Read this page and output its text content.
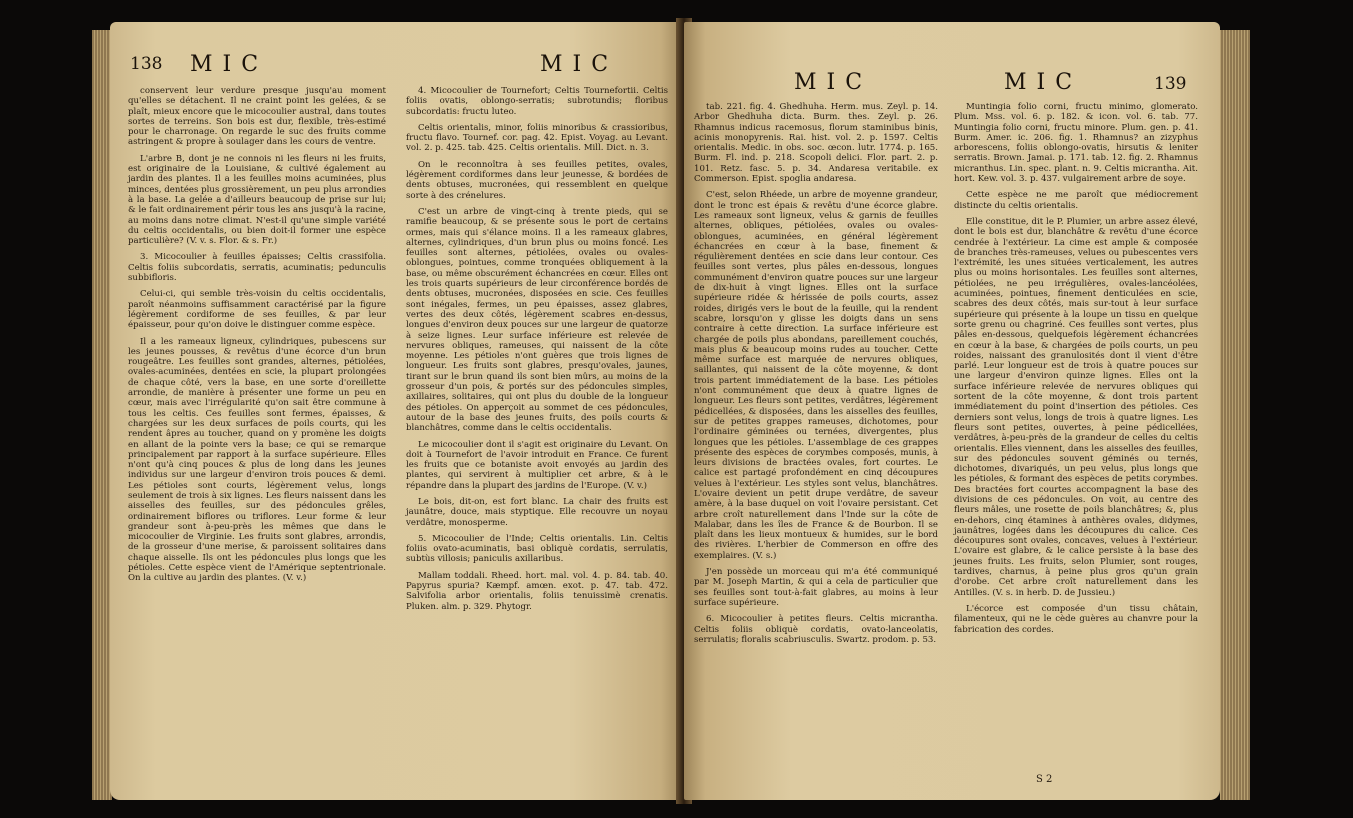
138 MIC	MIC

conservent leur verdure presque jusqu'au moment qu'elles se détachent. Il ne craint point les gelées, & se plaît, mieux encore que le micocoulier austral, dans toutes sortes de terreins. Son bois est dur, flexible, très-estimé pour le charronage. On regarde le suc des fruits comme astringent & propre à soulager dans les cours de ventre.

L'arbre B, dont je ne connois ni les fleurs ni les fruits, est originaire de la Louisiane, & cultivé également au jardin des plantes. Il a les feuilles moins acuminées, plus minces, dentées plus grossièrement, un peu plus arrondies à la base. La gelée a d'ailleurs beaucoup de prise sur lui; & le fait ordinairement périr tous les ans jusqu'à la racine, au moins dans notre climat. N'est-il qu'une simple variété du celtis occidentalis, ou bien doit-il former une espèce particulière? (V. v. s. Flor. & s. Fr.)

3. Micocoulier à feuilles épaisses; Celtis crassifolia. Celtis foliis subcordatis, serratis, acuminatis; pedunculis subbifloris.

Celui-ci, qui semble très-voisin du celtis occidentalis, paroît néanmoins suffisamment caractérisé par la figure légèrement cordiforme de ses feuilles, & par leur épaisseur, pour qu'on doive le distinguer comme espèce.

Il a les rameaux ligneux, cylindriques, pubescens sur les jeunes pousses, & revêtus d'une écorce d'un brun rougeâtre. Les feuilles sont grandes, alternes, pétiolées, ovales-acuminées, dentées en scie, la plupart prolongées de chaque côté, vers la base, en une sorte d'oreillette arrondie, de manière à présenter une forme un peu en cœur, mais avec l'irrégularité qu'on sait être commune à tous les celtis. Ces feuilles sont fermes, épaisses, & chargées sur les deux surfaces de poils courts, qui les rendent âpres au toucher, quand on y promène les doigts en allant de la pointe vers la base; ce qui se remarque principalement par rapport à la surface supérieure. Elles n'ont qu'à cinq pouces & plus de long dans les jeunes individus sur une largeur d'environ trois pouces & demi. Les pétioles sont courts, légèrement velus, longs seulement de trois à six lignes. Les fleurs naissent dans les aisselles des feuilles, sur des pédoncules grêles, ordinairement biflores ou triflores. Leur forme & leur grandeur sont à-peu-près les mêmes que dans le micocoulier de Virginie. Les fruits sont glabres, arrondis, de la grosseur d'une merise, & paroissent solitaires dans chaque aisselle. Ils ont les pédoncules plus longs que les pétioles. Cette espèce vient de l'Amérique septentrionale. On la cultive au jardin des plantes. (V. v.)

4. Micocoulier de Tournefort; Celtis Tournefortii. Celtis foliis ovatis, oblongo-serratis; subrotundis; floribus subcordatis: fructu luteo.

Celtis orientalis, minor, foliis minoribus & crassioribus, fructu flavo. Tournef. cor. pag. 42. Epist. Voyag. au Levant. vol. 2. p. 425. tab. 425. Celtis orientalis. Mill. Dict. n. 3.

On le reconnoîtra à ses feuilles petites, ovales, légèrement cordiformes dans leur jeunesse, & bordées de dents obtuses, mucronées, qui ressemblent en quelque sorte à des crénelures.

C'est un arbre de vingt-cinq à trente pieds, qui se ramifie beaucoup, & se présente sous le port de certains ormes, mais qui s'élance moins. Il a les rameaux glabres, alternes, cylindriques, d'un brun plus ou moins foncé. Les feuilles sont alternes, pétiolées, ovales ou ovales-oblongues, pointues, comme tronquées obliquement à la base, ou même obscurément échancrées en cœur. Elles ont les trois quarts supérieurs de leur circonférence bordés de dents obtuses, mucronées, disposées en scie. Ces feuilles sont inégales, fermes, un peu épaisses, assez glabres, vertes des deux côtés, légèrement scabres en-dessus, longues d'environ deux pouces sur une largeur de quatorze à seize lignes. Leur surface inférieure est relevée de nervures obliques, rameuses, qui naissent de la côte moyenne. Les pétioles n'ont guères que trois lignes de longueur. Les fruits sont glabres, presqu'ovales, jaunes, tirant sur le brun quand ils sont bien mûrs, au moins de la grosseur d'un pois, & portés sur des pédoncules simples, axillaires, solitaires, qui ont plus du double de la longueur des pétioles. On apperçoit au sommet de ces pédoncules, autour de la base des jeunes fruits, des poils courts & blanchâtres, comme dans le celtis occidentalis.

Le micocoulier dont il s'agit est originaire du Levant. On doit à Tournefort de l'avoir introduit en France. Ce furent les fruits que ce botaniste avoit envoyés au jardin des plantes, qui servirent à multiplier cet arbre, & à le répandre dans la plupart des jardins de l'Europe. (V. v.)

Le bois, dit-on, est fort blanc. La chair des fruits est jaunâtre, douce, mais styptique. Elle recouvre un noyau verdâtre, monosperme.

5. Micocoulier de l'Inde; Celtis orientalis. Lin. Celtis foliis ovato-acuminatis, basi obliquè cordatis, serrulatis, subtùs villosis; paniculis axillaribus.

Mallam toddali. Rheed. hort. mal. vol. 4. p. 84. tab. 40. Papyrus spuria? Kæmpf. amœn. exot. p. 47. tab. 472. Salvifolia arbor orientalis, foliis tenuissimè crenatis. Pluken. alm. p. 329. Phytogr.

MIC	MIC	139

tab. 221. fig. 4. Ghedhuha. Herm. mus. Zeyl. p. 14. Arbor Ghedhuha dicta. Burm. thes. Zeyl. p. 26. Rhamnus indicus racemosus, florum staminibus binis, acinis monopyrenis. Rai. hist. vol. 2. p. 1597. Celtis orientalis. Medic. in obs. soc. œcon. lutr. 1774. p. 165. Burm. Fl. ind. p. 218. Scopoli delici. Flor. part. 2. p. 101. Retz. fasc. 5. p. 34. Andaresa veritabile. ex Commerson. Epist. spoglia andaresa.

C'est, selon Rhéede, un arbre de moyenne grandeur, dont le tronc est épais & revêtu d'une écorce glabre. Les rameaux sont ligneux, velus & garnis de feuilles alternes, obliques, pétiolées, ovales ou ovales-oblongues, acuminées, en général légèrement échancrées en cœur à la base, finement & régulièrement dentées en scie dans leur contour. Ces feuilles sont vertes, plus pâles en-dessous, longues communément d'environ quatre pouces sur une largeur de dix-huit à vingt lignes. Elles ont la surface supérieure ridée & hérissée de poils courts, assez roides, dirigés vers le bout de la feuille, qui la rendent scabre, lorsqu'on y glisse les doigts dans un sens contraire à cette direction. La surface inférieure est chargée de poils plus abondans, pareillement couchés, mais plus & beaucoup moins rudes au toucher. Cette même surface est marquée de nervures obliques, saillantes, qui naissent de la côte moyenne, & dont trois partent immédiatement de la base. Les pétioles n'ont communément que deux à quatre lignes de longueur. Les fleurs sont petites, verdâtres, légèrement pédicellées, & disposées, dans les aisselles des feuilles, sur de petites grappes rameuses, dichotomes, pour l'ordinaire géminées ou ternées, divergentes, plus longues que les pétioles. L'assemblage de ces grappes présente des espèces de corymbes composés, munis, à leurs divisions de bractées ovales, fort courtes. Le calice est partagé profondément en cinq découpures velues à l'extérieur. Les styles sont velus, blanchâtres. L'ovaire devient un petit drupe verdâtre, de saveur amère, à la base duquel on voit l'ovaire persistant. Cet arbre croît naturellement dans l'Inde sur la côte de Malabar, dans les îles de France & de Bourbon. Il se plaît dans les lieux montueux & humides, sur le bord des rivières. L'herbier de Commerson en offre des exemplaires. (V. s.)

J'en possède un morceau qui m'a été communiqué par M. Joseph Martin, & qui a cela de particulier que ses feuilles sont tout-à-fait glabres, au moins à leur surface supérieure.

6. Micocoulier à petites fleurs. Celtis micrantha. Celtis foliis obliquè cordatis, ovato-lanceolatis, serrulatis; floralis scabriusculis. Swartz. prodom. p. 53.

Muntingia folio corni, fructu minimo, glomerato. Plum. Mss. vol. 6. p. 182. & icon. vol. 6. tab. 77. Muntingia folio corni, fructu minore. Plum. gen. p. 41. Burm. Amer. ic. 206. fig. 1. Rhamnus? an zizyphus arborescens, foliis oblongo-ovatis, hirsutis & leniter serratis. Brown. Jamai. p. 171. tab. 12. fig. 2. Rhamnus micranthus. Lin. spec. plant. n. 9. Celtis micrantha. Ait. hort. Kew. vol. 3. p. 437. vulgairement arbre de soye.

Cette espèce ne me paroît que médiocrement distincte du celtis orientalis.

Elle constitue, dit le P. Plumier, un arbre assez élevé, dont le bois est dur, blanchâtre & revêtu d'une écorce cendrée à l'extérieur. La cime est ample & composée de branches très-rameuses, velues ou pubescentes vers l'extrémité, les unes situées verticalement, les autres plus ou moins horisontales. Les feuilles sont alternes, pétiolées, ne peu irrégulières, ovales-lancéolées, acuminées, pointues, finement denticulées en scie, scabres des deux côtés, mais sur-tout à leur surface supérieure qui présente à la loupe un tissu en quelque sorte grenu ou chagriné. Ces feuilles sont vertes, plus pâles en-dessous, quelquefois légèrement échancrées en cœur à la base, & chargées de poils courts, un peu roides, naissant des granulosités dont il vient d'être parlé. Leur longueur est de trois à quatre pouces sur une largeur d'environ quinze lignes. Elles ont la surface inférieure relevée de nervures obliques qui sortent de la côte moyenne, & dont trois partent immédiatement du point d'insertion des pétioles. Ces derniers sont velus, longs de trois à quatre lignes. Les fleurs sont petites, ouvertes, à peine pédicellées, verdâtres, à-peu-près de la grandeur de celles du celtis orientalis. Elles viennent, dans les aisselles des feuilles, sur des pédoncules souvent géminés ou ternés, dichotomes, divariqués, un peu velus, plus longs que les pétioles, & formant des espèces de petits corymbes. Des bractées fort courtes accompagnent la base des divisions de ces pédoncules. On voit, au centre des fleurs mâles, une rosette de poils blanchâtres; &, plus en-dehors, cinq étamines à anthères ovales, didymes, jaunâtres, logées dans les découpures du calice. Ces découpures sont ovales, concaves, velues à l'extérieur. L'ovaire est glabre, & le calice persiste à la base des jeunes fruits. Les fruits, selon Plumier, sont rouges, tardives, charnus, à peine plus gros qu'un grain d'orobe. Cet arbre croît naturellement dans les Antilles. (V. s. in herb. D. de Jussieu.)

L'écorce est composée d'un tissu châtain, filamenteux, qui ne le cède guères au chanvre pour la fabrication des cordes.

S 2
